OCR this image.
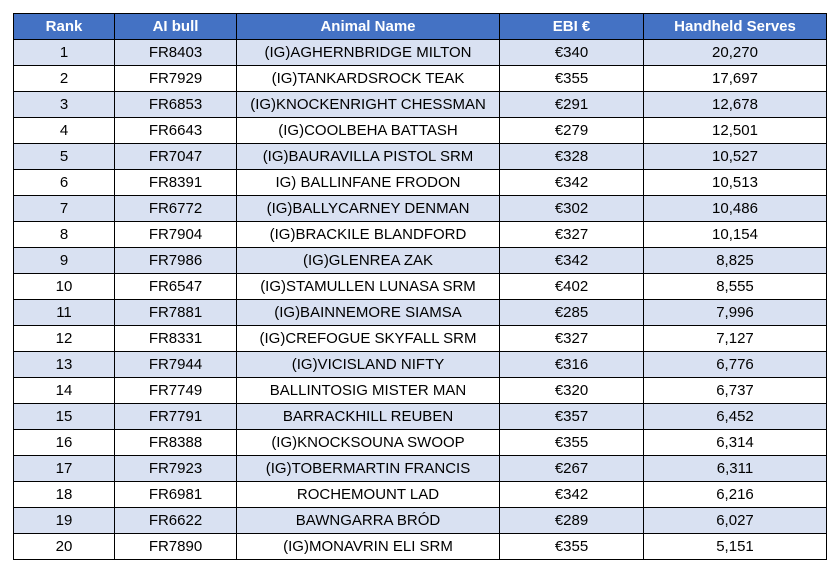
Rank	AI bull	Animal Name	EBI €	Handheld Serves
1	FR8403	(IG)AGHERNBRIDGE MILTON	€340	20,270
2	FR7929	(IG)TANKARDSROCK TEAK	€355	17,697
3	FR6853	(IG)KNOCKENRIGHT CHESSMAN	€291	12,678
4	FR6643	(IG)COOLBEHA BATTASH	€279	12,501
5	FR7047	(IG)BAURAVILLA PISTOL SRM	€328	10,527
6	FR8391	IG) BALLINFANE FRODON	€342	10,513
7	FR6772	(IG)BALLYCARNEY DENMAN	€302	10,486
8	FR7904	(IG)BRACKILE BLANDFORD	€327	10,154
9	FR7986	(IG)GLENREA ZAK	€342	8,825
10	FR6547	(IG)STAMULLEN LUNASA SRM	€402	8,555
11	FR7881	(IG)BAINNEMORE SIAMSA	€285	7,996
12	FR8331	(IG)CREFOGUE SKYFALL SRM	€327	7,127
13	FR7944	(IG)VICISLAND NIFTY	€316	6,776
14	FR7749	BALLINTOSIG MISTER MAN	€320	6,737
15	FR7791	BARRACKHILL REUBEN	€357	6,452
16	FR8388	(IG)KNOCKSOUNA SWOOP	€355	6,314
17	FR7923	(IG)TOBERMARTIN FRANCIS	€267	6,311
18	FR6981	ROCHEMOUNT LAD	€342	6,216
19	FR6622	BAWNGARRA BRÓD	€289	6,027
20	FR7890	(IG)MONAVRIN ELI SRM	€355	5,151
